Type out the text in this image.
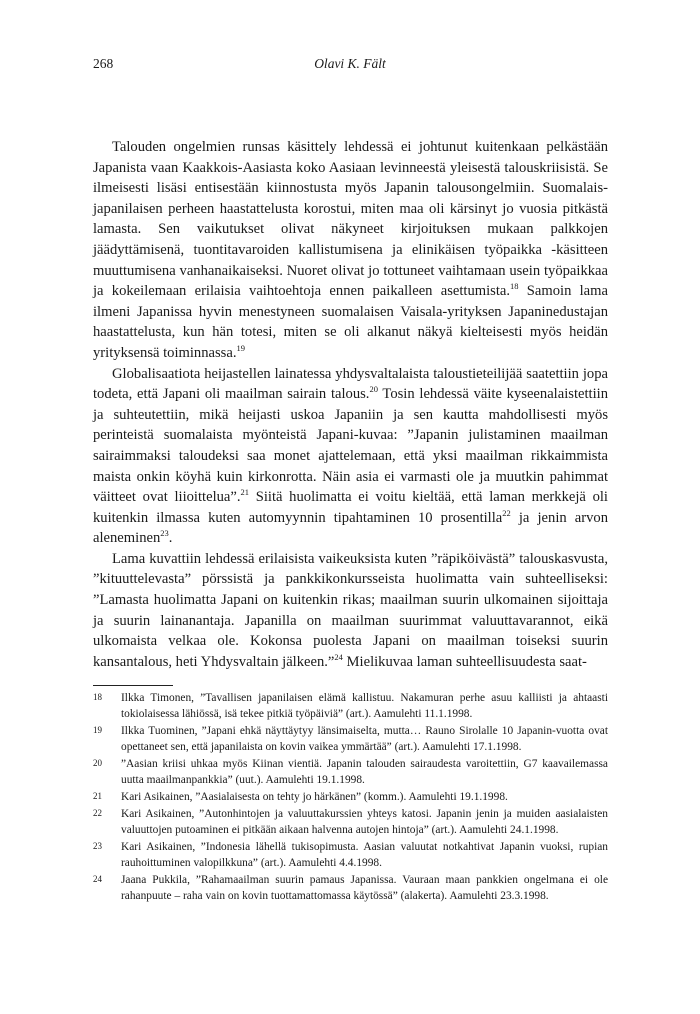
268	Olavi K. Fält

Talouden ongelmien runsas käsittely lehdessä ei johtunut kuitenkaan pelkästään Japanista vaan Kaakkois-Aasiasta koko Aasiaan levinneestä yleisestä talouskriisistä. Se ilmeisesti lisäsi entisestään kiinnostusta myös Japanin talousongelmiin. Suomalais-japanilaisen perheen haastattelusta korostui, miten maa oli kärsinyt jo vuosia pitkästä lamasta. Sen vaikutukset olivat näkyneet kirjoituksen mukaan palkkojen jäädyttämisenä, tuontitavaroiden kallistumisena ja elinikäisen työpaikka -käsitteen muuttumisena vanhanaikaiseksi. Nuoret olivat jo tottuneet vaihtamaan usein työpaikkaa ja kokeilemaan erilaisia vaihtoehtoja ennen paikalleen asettumista.$^{18}$ Samoin lama ilmeni Japanissa hyvin menestyneen suomalaisen Vaisala-yrityksen Japaninedustajan haastattelusta, kun hän totesi, miten se oli alkanut näkyä kielteisesti myös heidän yrityksensä toiminnassa.$^{19}$

Globalisaatiota heijastellen lainatessa yhdysvaltalaista taloustieteilijää saatettiin jopa todeta, että Japani oli maailman sairain talous.$^{20}$ Tosin lehdessä väite kyseenalaistettiin ja suhteutettiin, mikä heijasti uskoa Japaniin ja sen kautta mahdollisesti myös perinteistä suomalaista myönteistä Japani-kuvaa: ”Japanin julistaminen maailman sairaimmaksi taloudeksi saa monet ajattelemaan, että yksi maailman rikkaimmista maista onkin köyhä kuin kirkonrotta. Näin asia ei varmasti ole ja muutkin pahimmat väitteet ovat liioittelua”.$^{21}$ Siitä huolimatta ei voitu kieltää, että laman merkkejä oli kuitenkin ilmassa kuten automyynnin tipahtaminen 10 prosentilla$^{22}$ ja jenin arvon aleneminen$^{23}$.

Lama kuvattiin lehdessä erilaisista vaikeuksista kuten ”räpiköivästä” talouskasvusta, ”kituuttelevasta” pörssistä ja pankkikonkursseista huolimatta vain suhteelliseksi: ”Lamasta huolimatta Japani on kuitenkin rikas; maailman suurin ulkomainen sijoittaja ja suurin lainanantaja. Japanilla on maailman suurimmat valuuttavarannot, eikä ulkomaista velkaa ole. Kokonsa puolesta Japani on maailman toiseksi suurin kansantalous, heti Yhdysvaltain jälkeen.”$^{24}$ Mielikuvaa laman suhteellisuudesta saat-

18	Ilkka Timonen, ”Tavallisen japanilaisen elämä kallistuu. Nakamuran perhe asuu kalliisti ja ahtaasti tokiolaisessa lähiössä, isä tekee pitkiä työpäiviä” (art.). Aamulehti 11.1.1998.
19	Ilkka Tuominen, ”Japani ehkä näyttäytyy länsimaiselta, mutta… Rauno Sirolalle 10 Japanin-vuotta ovat opettaneet sen, että japanilaista on kovin vaikea ymmärtää” (art.). Aamulehti 17.1.1998.
20	”Aasian kriisi uhkaa myös Kiinan vientiä. Japanin talouden sairaudesta varoitettiin, G7 kaavailemassa uutta maailmanpankkia” (uut.). Aamulehti 19.1.1998.
21	Kari Asikainen, ”Aasialaisesta on tehty jo härkänen” (komm.). Aamulehti 19.1.1998.
22	Kari Asikainen, ”Autonhintojen ja valuuttakurssien yhteys katosi. Japanin jenin ja muiden aasialaisten valuuttojen putoaminen ei pitkään aikaan halvenna autojen hintoja” (art.). Aamulehti 24.1.1998.
23	Kari Asikainen, ”Indonesia lähellä tukisopimusta. Aasian valuutat notkahtivat Japanin vuoksi, rupian rauhoittuminen valopilkkuna” (art.). Aamulehti 4.4.1998.
24	Jaana Pukkila, ”Rahamaailman suurin pamaus Japanissa. Vauraan maan pankkien ongelmana ei ole rahanpuute – raha vain on kovin tuottamattomassa käytössä” (alakerta). Aamulehti 23.3.1998.
